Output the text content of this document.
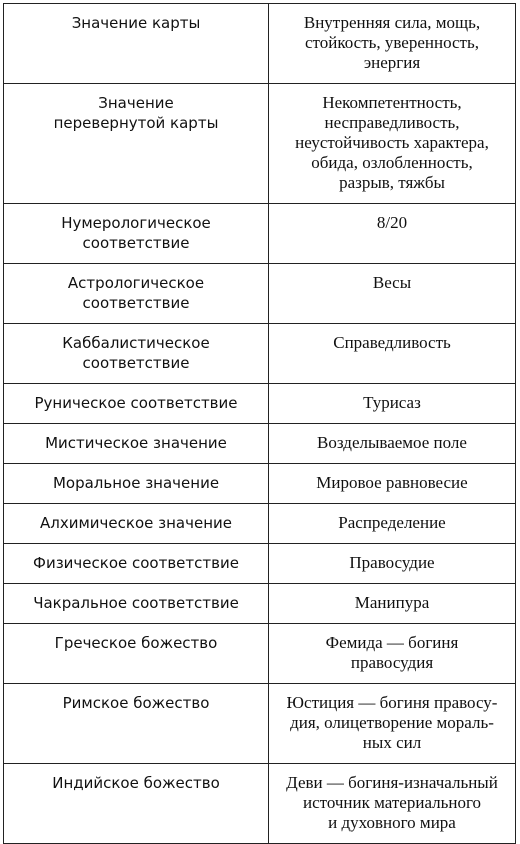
Значение карты	Внутренняя сила, мощь,
стойкость, уверенность,
энергия

Значение
перевернутой карты	Некомпетентность,
несправедливость,
неустойчивость характера,
обида, озлобленность,
разрыв, тяжбы

Нумерологическое
соответствие	8/20

Астрологическое
соответствие	Весы

Каббалистическое
соответствие	Справедливость

Руническое соответствие	Турисаз

Мистическое значение	Возделываемое поле

Моральное значение	Мировое равновесие

Алхимическое значение	Распределение

Физическое соответствие	Правосудие

Чакральное соответствие	Манипура

Греческое божество	Фемида — богиня
правосудия

Римское божество	Юстиция — богиня правосу-
дия, олицетворение мораль-
ных сил

Индийское божество	Деви — богиня-изначальный
источник материального
и духовного мира
